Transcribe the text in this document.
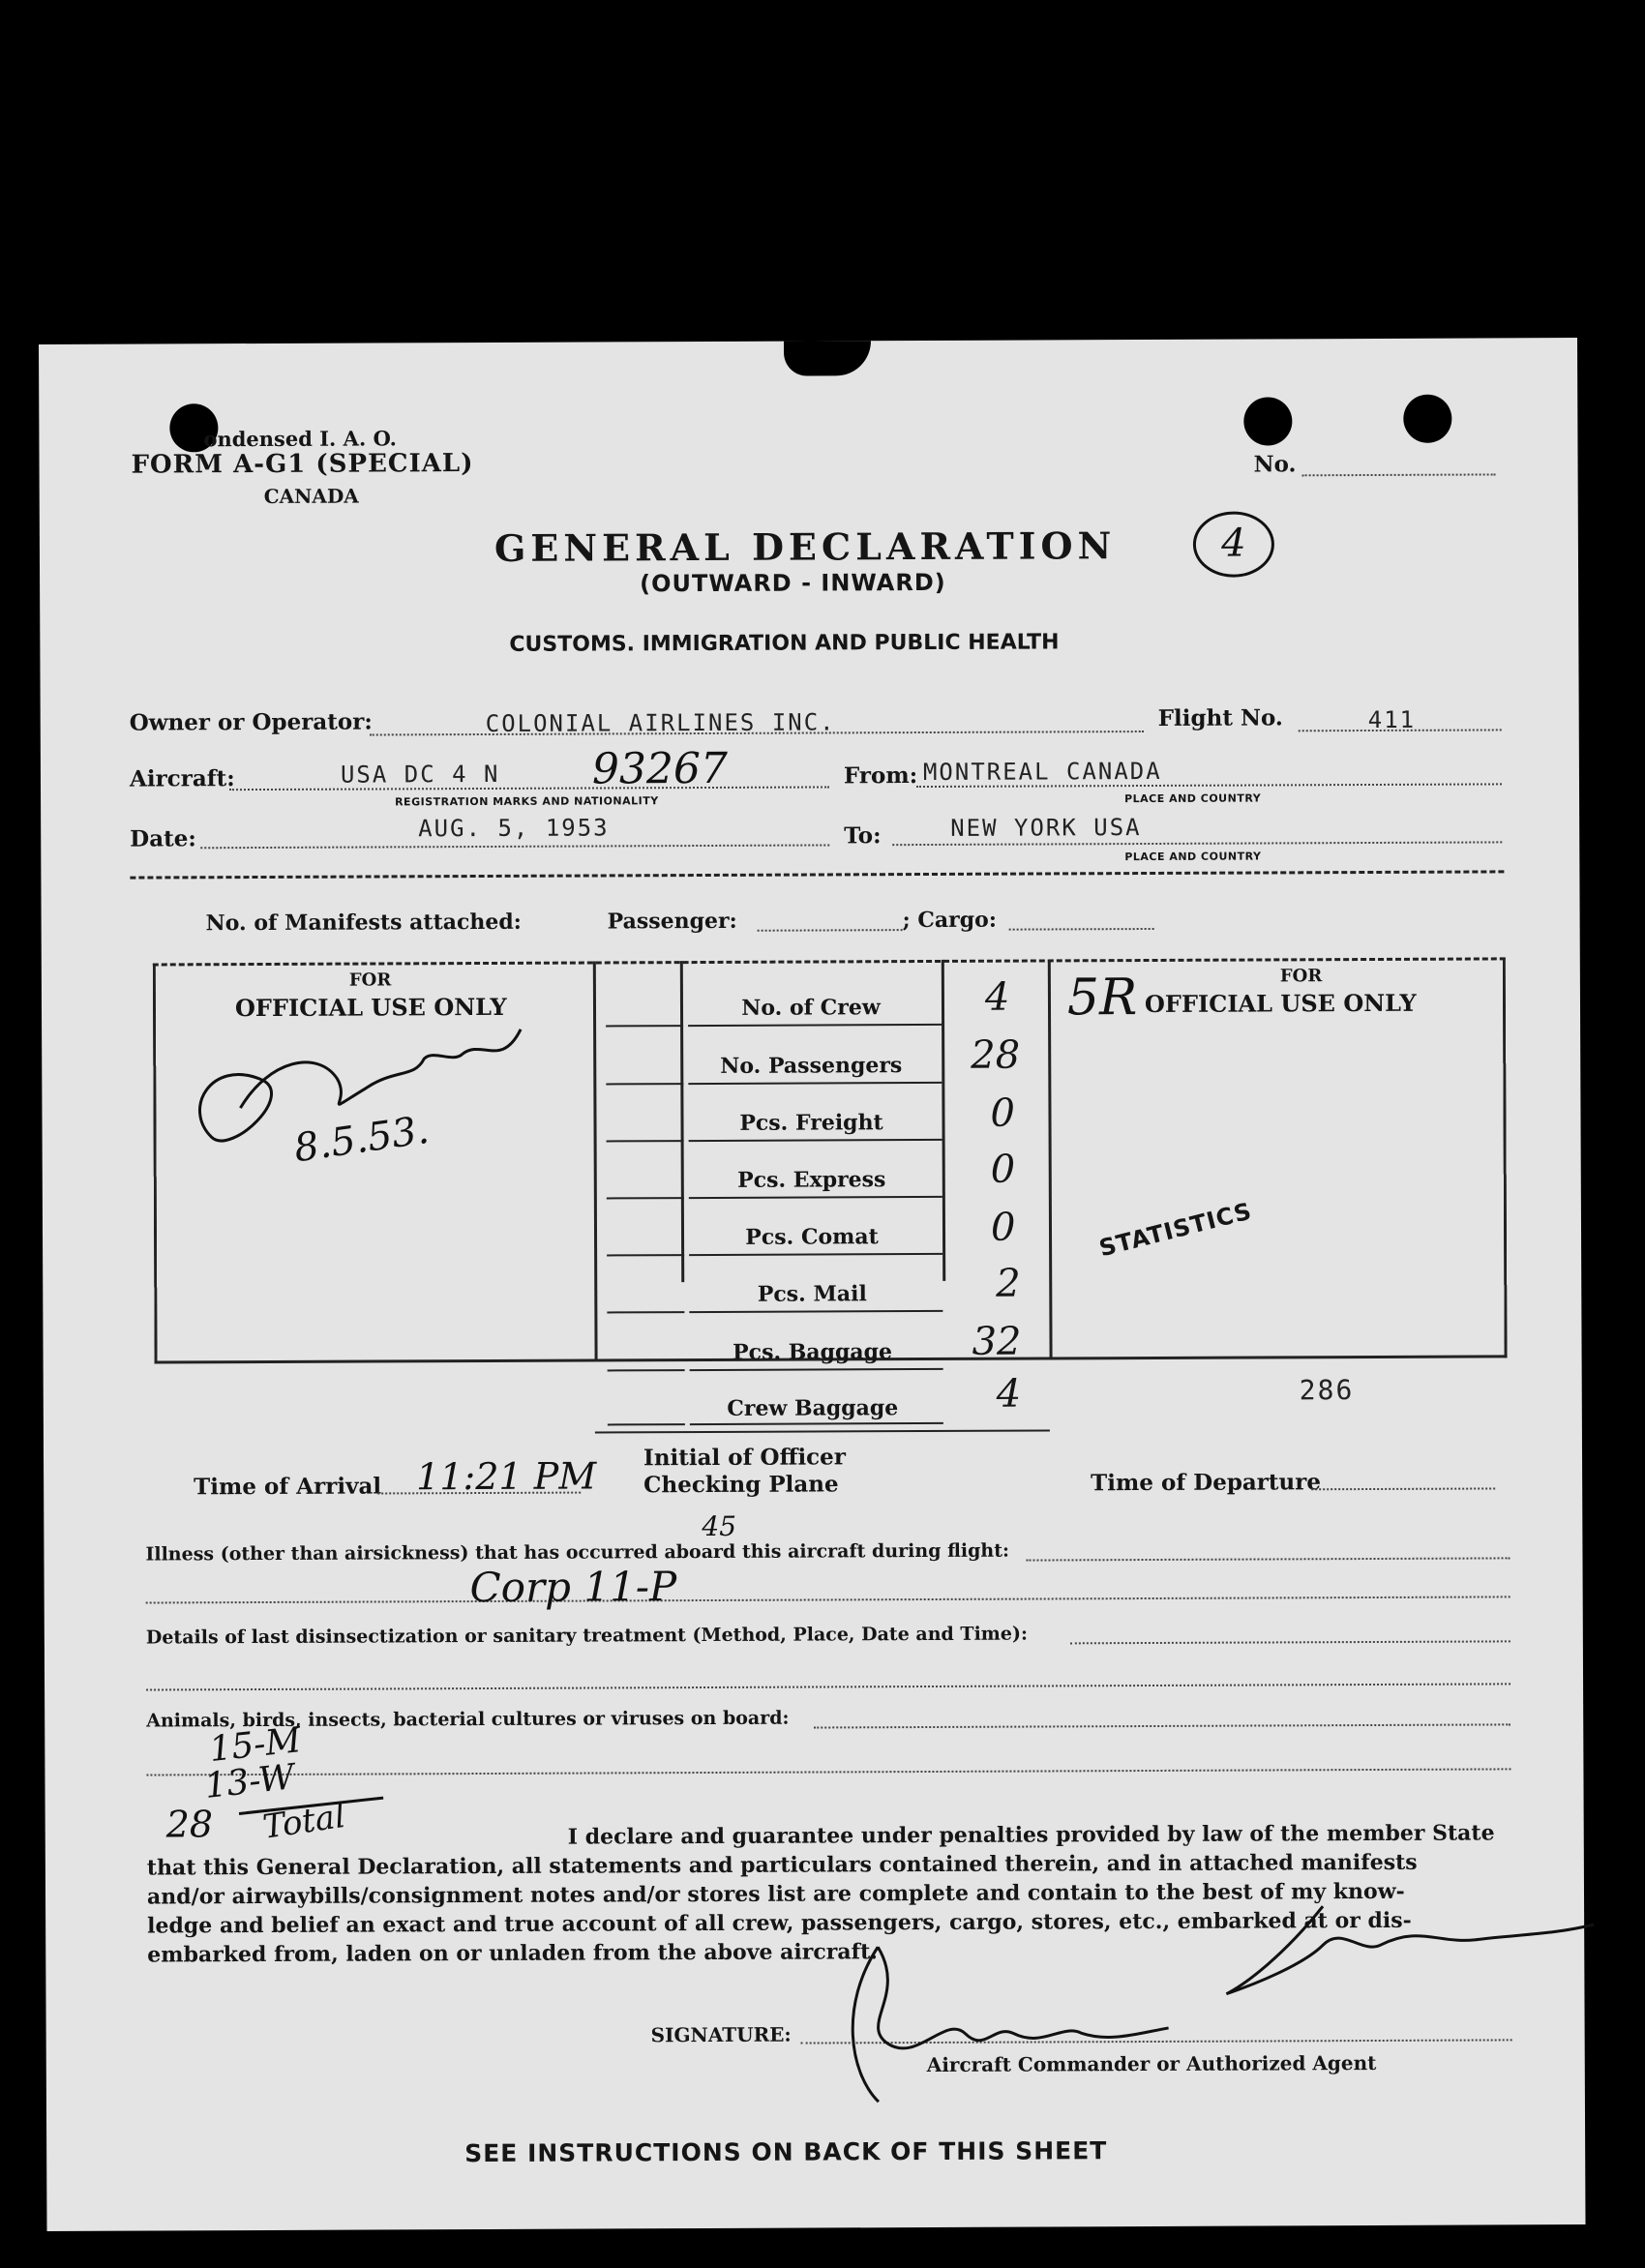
ondensed I. A. O.
FORM A-G1 (SPECIAL)
CANADA
No.
GENERAL DECLARATION	4
(OUTWARD - INWARD)
CUSTOMS. IMMIGRATION AND PUBLIC HEALTH
Owner or Operator:	COLONIAL AIRLINES INC.	Flight No.	411
Aircraft:	USA DC 4 N 93267
REGISTRATION MARKS AND NATIONALITY
From: MONTREAL CANADA
PLACE AND COUNTRY
Date:	AUG. 5, 1953	To:	NEW YORK USA
PLACE AND COUNTRY
No. of Manifests attached:	Passenger:	; Cargo:
FOR
OFFICIAL USE ONLY
8.5.53.
FOR
OFFICIAL USE ONLY
No. of Crew	4 5R
No. Passengers	28
Pcs. Freight	0
Pcs. Express	0
Pcs. Comat	0	STATISTICS
Pcs. Mail	2
Pcs. Baggage	32
Crew Baggage	4	286
Time of Arrival 11:21 PM Initial of Officer
Checking Plane	Time of Departure
Illness (other than airsickness) that has occurred aboard this aircraft during flight:
45
Corp 11-P
Details of last disinsectization or sanitary treatment (Method, Place, Date and Time):
Animals, birds, insects, bacterial cultures or viruses on board:
15-M
13-W
28 Total	I declare and guarantee under penalties provided by law of the member State
that this General Declaration, all statements and particulars contained therein, and in attached manifests
and/or airwaybills/consignment notes and/or stores list are complete and contain to the best of my know-
ledge and belief an exact and true account of all crew, passengers, cargo, stores, etc., embarked at or dis-
embarked from, laden on or unladen from the above aircraft.
SIGNATURE:
Aircraft Commander or Authorized Agent
SEE INSTRUCTIONS ON BACK OF THIS SHEET
